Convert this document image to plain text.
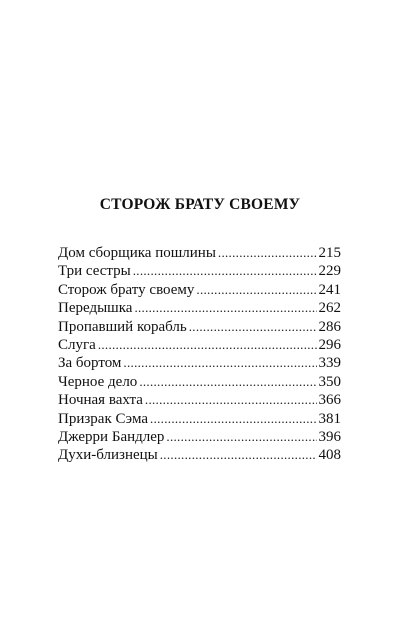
СТОРОЖ БРАТУ СВОЕМУ
Дом сборщика пошлины .....	215
Три сестры .....	229
Сторож брату своему .....	241
Передышка .....	262
Пропавший корабль .....	286
Слуга .....	296
За бортом .....	339
Черное дело .....	350
Ночная вахта .....	366
Призрак Сэма .....	381
Джерри Бандлер .....	396
Духи-близнецы .....	408
